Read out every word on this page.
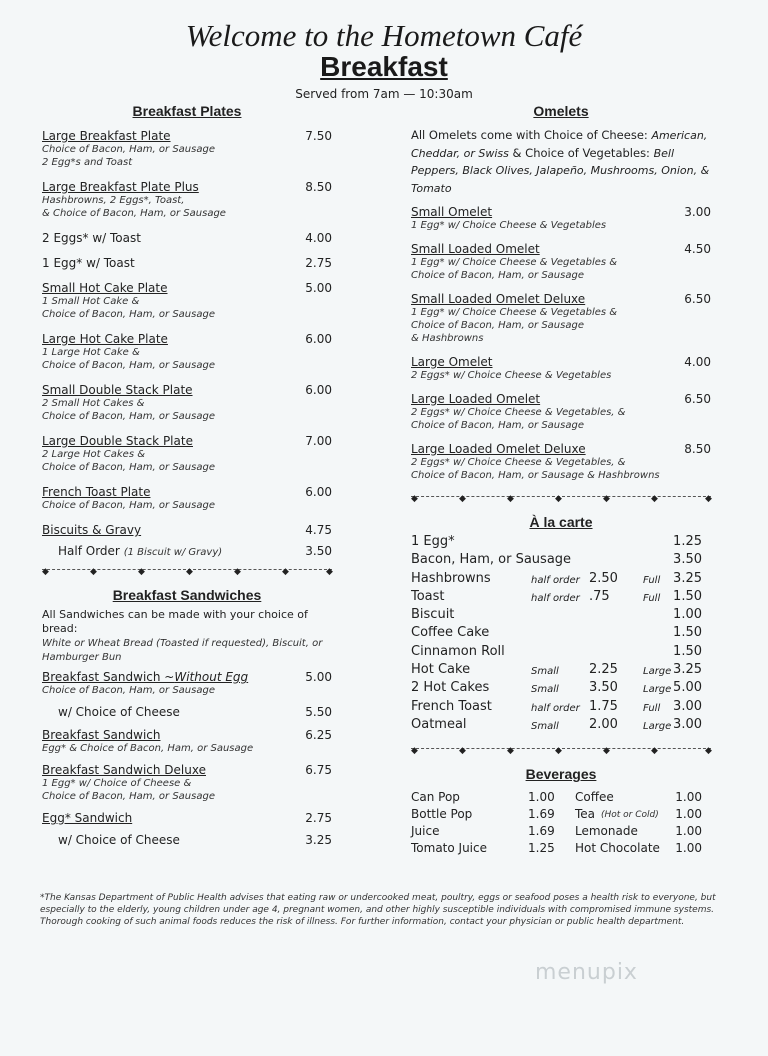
Welcome to the Hometown Café
Breakfast
Served from 7am — 10:30am
Breakfast Plates
Large Breakfast Plate	7.50
Choice of Bacon, Ham, or Sausage
2 Egg*s and Toast
Large Breakfast Plate Plus	8.50
Hashbrowns, 2 Eggs*, Toast,
& Choice of Bacon, Ham, or Sausage
2 Eggs* w/ Toast	4.00
1 Egg* w/ Toast	2.75
Small Hot Cake Plate	5.00
1 Small Hot Cake &
Choice of Bacon, Ham, or Sausage
Large Hot Cake Plate	6.00
1 Large Hot Cake &
Choice of Bacon, Ham, or Sausage
Small Double Stack Plate	6.00
2 Small Hot Cakes &
Choice of Bacon, Ham, or Sausage
Large Double Stack Plate	7.00
2 Large Hot Cakes &
Choice of Bacon, Ham, or Sausage
French Toast Plate	6.00
Choice of Bacon, Ham, or Sausage
Biscuits & Gravy	4.75
Half Order (1 Biscuit w/ Gravy)	3.50
◆	◆	◆	◆	◆	◆	◆
Breakfast Sandwiches
All Sandwiches can be made with your choice of bread:
White or Wheat Bread (Toasted if requested), Biscuit, or Hamburger Bun
Breakfast Sandwich ~Without Egg
Choice of Bacon, Ham, or Sausage
5.00
w/ Choice of Cheese	5.50
Breakfast Sandwich
Egg* & Choice of Bacon, Ham, or Sausage
6.25
Breakfast Sandwich Deluxe
1 Egg* w/ Choice of Cheese &
Choice of Bacon, Ham, or Sausage
6.75
Egg* Sandwich	2.75
w/ Choice of Cheese	3.25
Omelets
All Omelets come with Choice of Cheese: American, Cheddar, or Swiss & Choice of Vegetables: Bell Peppers, Black Olives, Jalapeño, Mushrooms, Onion, & Tomato
Small Omelet	3.00
1 Egg* w/ Choice Cheese & Vegetables
Small Loaded Omelet	4.50
1 Egg* w/ Choice Cheese & Vegetables &
Choice of Bacon, Ham, or Sausage
Small Loaded Omelet Deluxe	6.50
1 Egg* w/ Choice Cheese & Vegetables &
Choice of Bacon, Ham, or Sausage
& Hashbrowns
Large Omelet	4.00
2 Eggs* w/ Choice Cheese & Vegetables
Large Loaded Omelet	6.50
2 Eggs* w/ Choice Cheese & Vegetables, &
Choice of Bacon, Ham, or Sausage
Large Loaded Omelet Deluxe	8.50
2 Eggs* w/ Choice Cheese & Vegetables, &
Choice of Bacon, Ham, or Sausage & Hashbrowns
◆	◆	◆	◆	◆	◆	◆
À la carte
1 Egg*	1.25
Bacon, Ham, or Sausage	3.50
Hashbrowns	half order 2.50	Full 3.25
Toast	half order .75	Full 1.50
Biscuit	1.00
Coffee Cake	1.50
Cinnamon Roll	1.50
Hot Cake	Small 2.25	Large 3.25
2 Hot Cakes	Small 3.50	Large 5.00
French Toast	half order 1.75	Full 3.00
Oatmeal	Small 2.00	Large 3.00
◆	◆	◆	◆	◆	◆	◆
Beverages
Can Pop	1.00 Coffee	1.00
Bottle Pop	1.69 Tea (Hot or Cold) 1.00
Juice	1.69 Lemonade	1.00
Tomato Juice	1.25 Hot Chocolate 1.00
*The Kansas Department of Public Health advises that eating raw or undercooked meat, poultry, eggs or seafood poses a health risk to everyone, but especially to the elderly, young children under age 4, pregnant women, and other highly susceptible individuals with compromised immune systems. Thorough cooking of such animal foods reduces the risk of illness. For further information, contact your physician or public health department.
menupix
